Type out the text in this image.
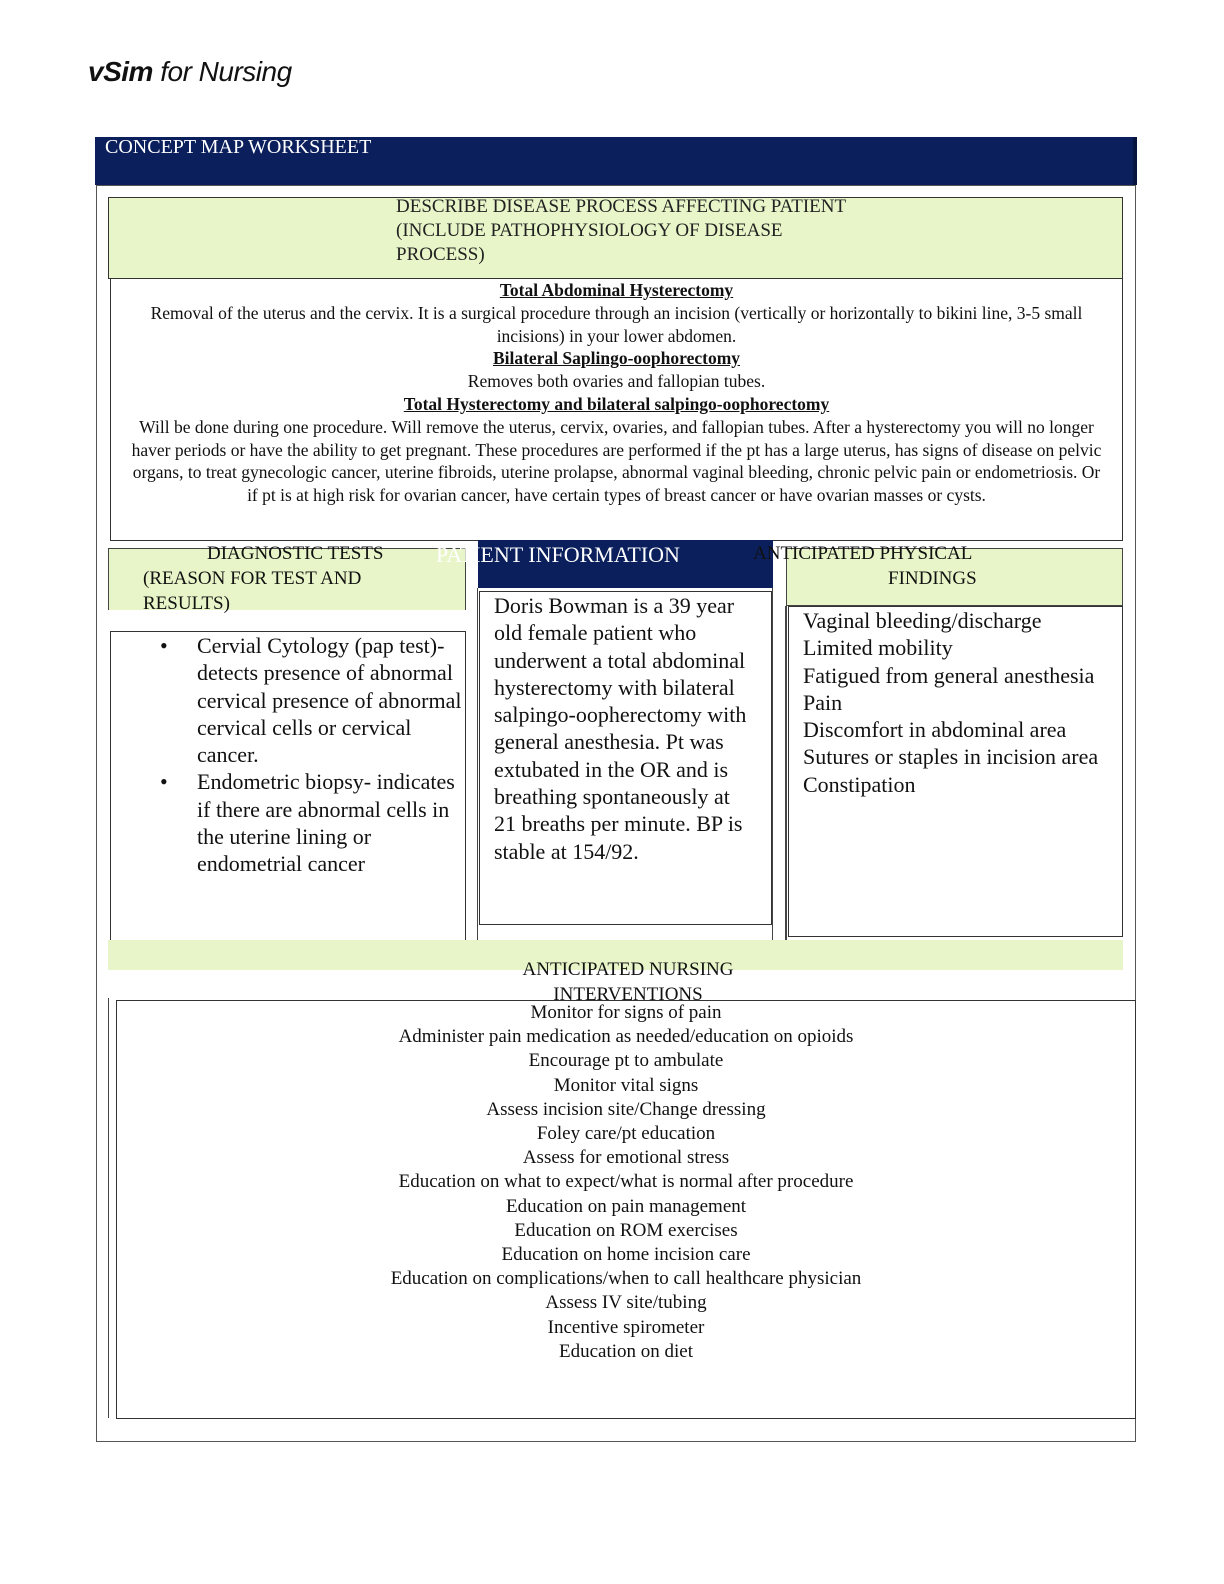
vSim for Nursing
CONCEPT MAP WORKSHEET
DESCRIBE DISEASE PROCESS AFFECTING PATIENT (INCLUDE PATHOPHYSIOLOGY OF DISEASE PROCESS)
Total Abdominal Hysterectomy
Removal of the uterus and the cervix. It is a surgical procedure through an incision (vertically or horizontally to bikini line, 3-5 small incisions) in your lower abdomen.
Bilateral Saplingo-oophorectomy
Removes both ovaries and fallopian tubes.
Total Hysterectomy and bilateral salpingo-oophorectomy
Will be done during one procedure. Will remove the uterus, cervix, ovaries, and fallopian tubes. After a hysterectomy you will no longer haver periods or have the ability to get pregnant. These procedures are performed if the pt has a large uterus, has signs of disease on pelvic organs, to treat gynecologic cancer, uterine fibroids, uterine prolapse, abnormal vaginal bleeding, chronic pelvic pain or endometriosis. Or if pt is at high risk for ovarian cancer, have certain types of breast cancer or have ovarian masses or cysts.
DIAGNOSTIC TESTS
(REASON FOR TEST AND
RESULTS)
• Cervial Cytology (pap test)- detects presence of abnormal cervical presence of abnormal cervical cells or cervical cancer.
• Endometric biopsy- indicates if there are abnormal cells in the uterine lining or endometrial cancer
PATIENT INFORMATION
Doris Bowman is a 39 year old female patient who underwent a total abdominal hysterectomy with bilateral salpingo-oopherectomy with general anesthesia. Pt was extubated in the OR and is breathing spontaneously at 21 breaths per minute. BP is stable at 154/92.
ANTICIPATED PHYSICAL
FINDINGS
Vaginal bleeding/discharge
Limited mobility
Fatigued from general anesthesia
Pain
Discomfort in abdominal area
Sutures or staples in incision area
Constipation
ANTICIPATED NURSING
INTERVENTIONS
Monitor for signs of pain
Administer pain medication as needed/education on opioids
Encourage pt to ambulate
Monitor vital signs
Assess incision site/Change dressing
Foley care/pt education
Assess for emotional stress
Education on what to expect/what is normal after procedure
Education on pain management
Education on ROM exercises
Education on home incision care
Education on complications/when to call healthcare physician
Assess IV site/tubing
Incentive spirometer
Education on diet
